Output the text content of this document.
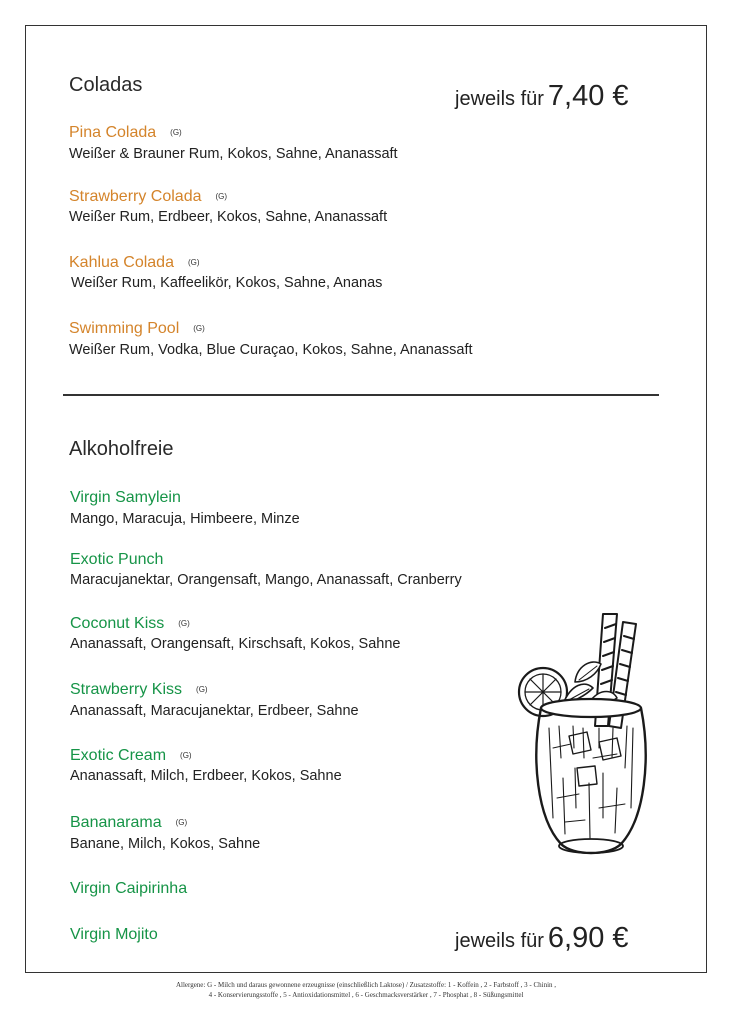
Coladas
jeweils für 7,40 €
Pina Colada (G)
Weißer & Brauner Rum, Kokos, Sahne, Ananassaft
Strawberry Colada (G)
Weißer Rum, Erdbeer, Kokos, Sahne, Ananassaft
Kahlua Colada (G)
Weißer Rum, Kaffeelikör, Kokos, Sahne, Ananas
Swimming Pool (G)
Weißer Rum, Vodka, Blue Curaçao, Kokos, Sahne, Ananassaft
Alkoholfreie
Virgin Samylein
Mango, Maracuja, Himbeere, Minze
Exotic Punch
Maracujanektar, Orangensaft, Mango, Ananassaft, Cranberry
Coconut Kiss (G)
Ananassaft, Orangensaft, Kirschsaft, Kokos, Sahne
Strawberry Kiss (G)
Ananassaft, Maracujanektar, Erdbeer, Sahne
Exotic Cream (G)
Ananassaft, Milch, Erdbeer, Kokos, Sahne
Bananarama (G)
Banane, Milch, Kokos, Sahne
Virgin Caipirinha
Virgin Mojito	jeweils für 6,90 €
Allergene: G - Milch und daraus gewonnene erzeugnisse (einschließlich Laktose) / Zusatzstoffe: 1 - Koffein , 2 - Farbstoff , 3 - Chinin ,
4 - Konservierungsstoffe , 5 - Antioxidationsmittel , 6 - Geschmacksverstärker , 7 - Phosphat , 8 - Süßungsmittel
